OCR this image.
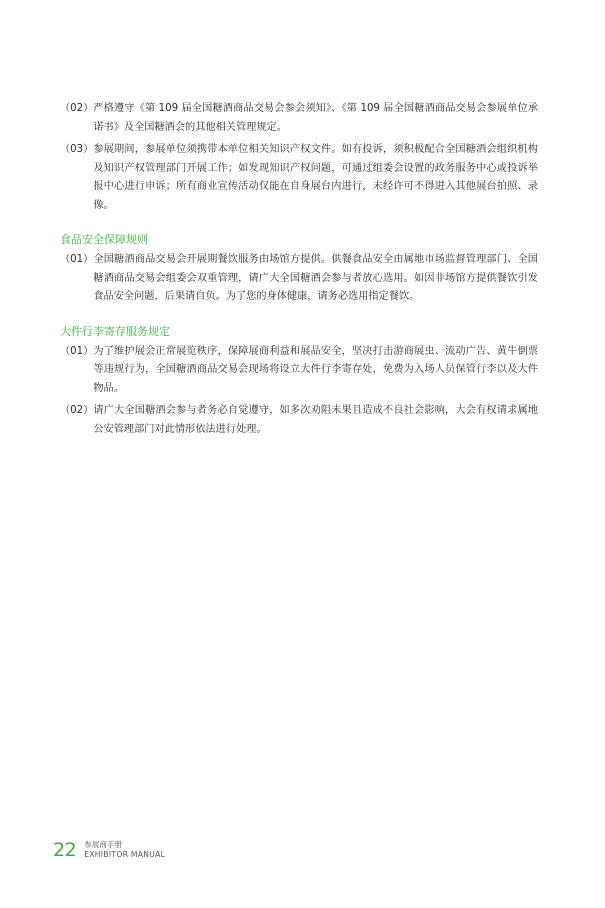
（02） 严格遵守《第 109 届全国糖酒商品交易会参会须知》、《第 109 届全国糖酒商品交易会参展单位承诺书》及全国糖酒会的其他相关管理规定。
（03） 参展期间，参展单位须携带本单位相关知识产权文件。如有投诉，须积极配合全国糖酒会组织机构及知识产权管理部门开展工作；如发现知识产权问题，可通过组委会设置的政务服务中心或投诉举报中心进行申诉；所有商业宣传活动仅能在自身展台内进行，未经许可不得进入其他展台拍照、录像。
食品安全保障规则
（01） 全国糖酒商品交易会开展期餐饮服务由场馆方提供。供餐食品安全由属地市场监督管理部门、全国糖酒商品交易会组委会双重管理，请广大全国糖酒会参与者放心选用。如因非场馆方提供餐饮引发食品安全问题，后果请自负。为了您的身体健康，请务必选用指定餐饮。
大件行李寄存服务规定
（01） 为了维护展会正常展览秩序，保障展商利益和展品安全，坚决打击游商展虫、流动广告、黄牛倒票等违规行为，全国糖酒商品交易会现场将设立大件行李寄存处，免费为入场人员保管行李以及大件物品。
（02） 请广大全国糖酒会参与者务必自觉遵守，如多次劝阻未果且造成不良社会影响，大会有权请求属地公安管理部门对此情形依法进行处理。
22 参展商手册
EXHIBITOR MANUAL
